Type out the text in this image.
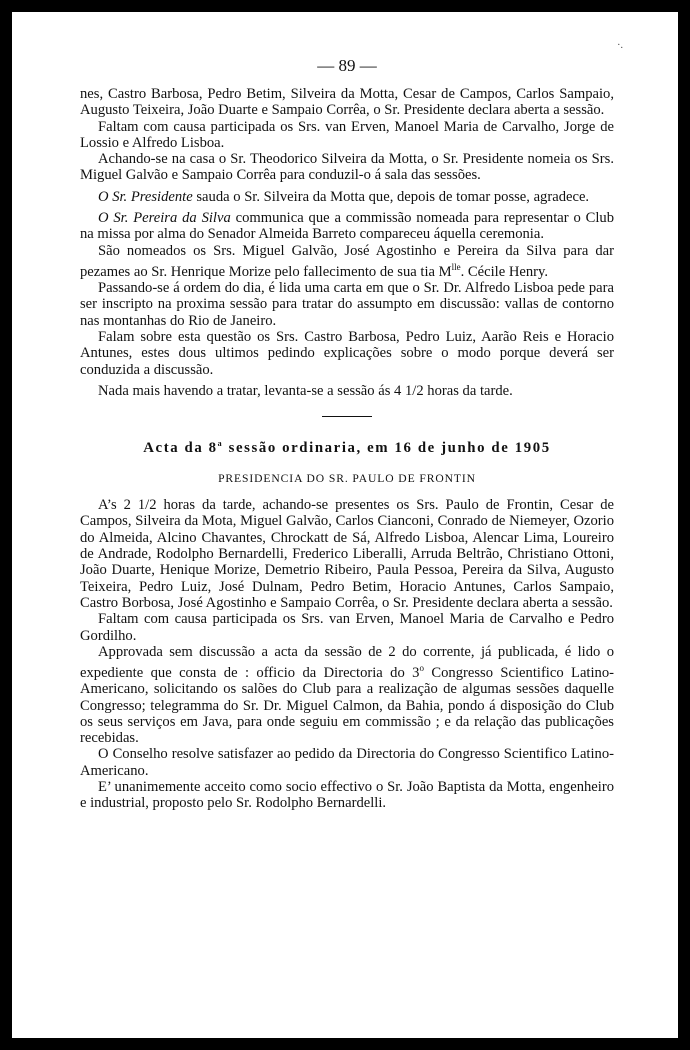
·.
— 89 —

nes, Castro Barbosa, Pedro Betim, Silveira da Motta, Cesar de Campos, Carlos Sampaio, Augusto Teixeira, João Duarte e Sampaio Corrêa, o Sr. Presidente declara aberta a sessão.

Faltam com causa participada os Srs. van Erven, Manoel Maria de Carvalho, Jorge de Lossio e Alfredo Lisboa.

Achando-se na casa o Sr. Theodorico Silveira da Motta, o Sr. Presidente nomeia os Srs. Miguel Galvão e Sampaio Corrêa para conduzil-o á sala das sessões.

O Sr. Presidente sauda o Sr. Silveira da Motta que, depois de tomar posse, agradece.

O Sr. Pereira da Silva communica que a commissão nomeada para representar o Club na missa por alma do Senador Almeida Barreto compareceu áquella ceremonia.

São nomeados os Srs. Miguel Galvão, José Agostinho e Pereira da Silva para dar pezames ao Sr. Henrique Morize pelo fallecimento de sua tia $M^{lle}$. Cécile Henry.

Passando-se á ordem do dia, é lida uma carta em que o Sr. Dr. Alfredo Lisboa pede para ser inscripto na proxima sessão para tratar do assumpto em discussão: vallas de contorno nas montanhas do Rio de Janeiro.

Falam sobre esta questão os Srs. Castro Barbosa, Pedro Luiz, Aarão Reis e Horacio Antunes, estes dous ultimos pedindo explicações sobre o modo porque deverá ser conduzida a discussão.

Nada mais havendo a tratar, levanta-se a sessão ás 4 1/2 horas da tarde.

Acta da 8$^a$ sessão ordinaria, em 16 de junho de 1905
PRESIDENCIA DO SR. PAULO DE FRONTIN

A’s 2 1/2 horas da tarde, achando-se presentes os Srs. Paulo de Frontin, Cesar de Campos, Silveira da Mota, Miguel Galvão, Carlos Cianconi, Conrado de Niemeyer, Ozorio do Almeida, Alcino Chavantes, Chrockatt de Sá, Alfredo Lisboa, Alencar Lima, Loureiro de Andrade, Rodolpho Bernardelli, Frederico Liberalli, Arruda Beltrão, Christiano Ottoni, João Duarte, Henique Morize, Demetrio Ribeiro, Paula Pessoa, Pereira da Silva, Augusto Teixeira, Pedro Luiz, José Dulnam, Pedro Betim, Horacio Antunes, Carlos Sampaio, Castro Borbosa, José Agostinho e Sampaio Corrêa, o Sr. Presidente declara aberta a sessão.

Faltam com causa participada os Srs. van Erven, Manoel Maria de Carvalho e Pedro Gordilho.

Approvada sem discussão a acta da sessão de 2 do corrente, já publicada, é lido o expediente que consta de : officio da Directoria do 3$^o$ Congresso Scientifico Latino-Americano, solicitando os salões do Club para a realização de algumas sessões daquelle Congresso; telegramma do Sr. Dr. Miguel Calmon, da Bahia, pondo á disposição do Club os seus serviços em Java, para onde seguiu em commissão ; e da relação das publicações recebidas.

O Conselho resolve satisfazer ao pedido da Directoria do Congresso Scientifico Latino-Americano.

E’ unanimemente acceito como socio effectivo o Sr. João Baptista da Motta, engenheiro e industrial, proposto pelo Sr. Rodolpho Bernardelli.
